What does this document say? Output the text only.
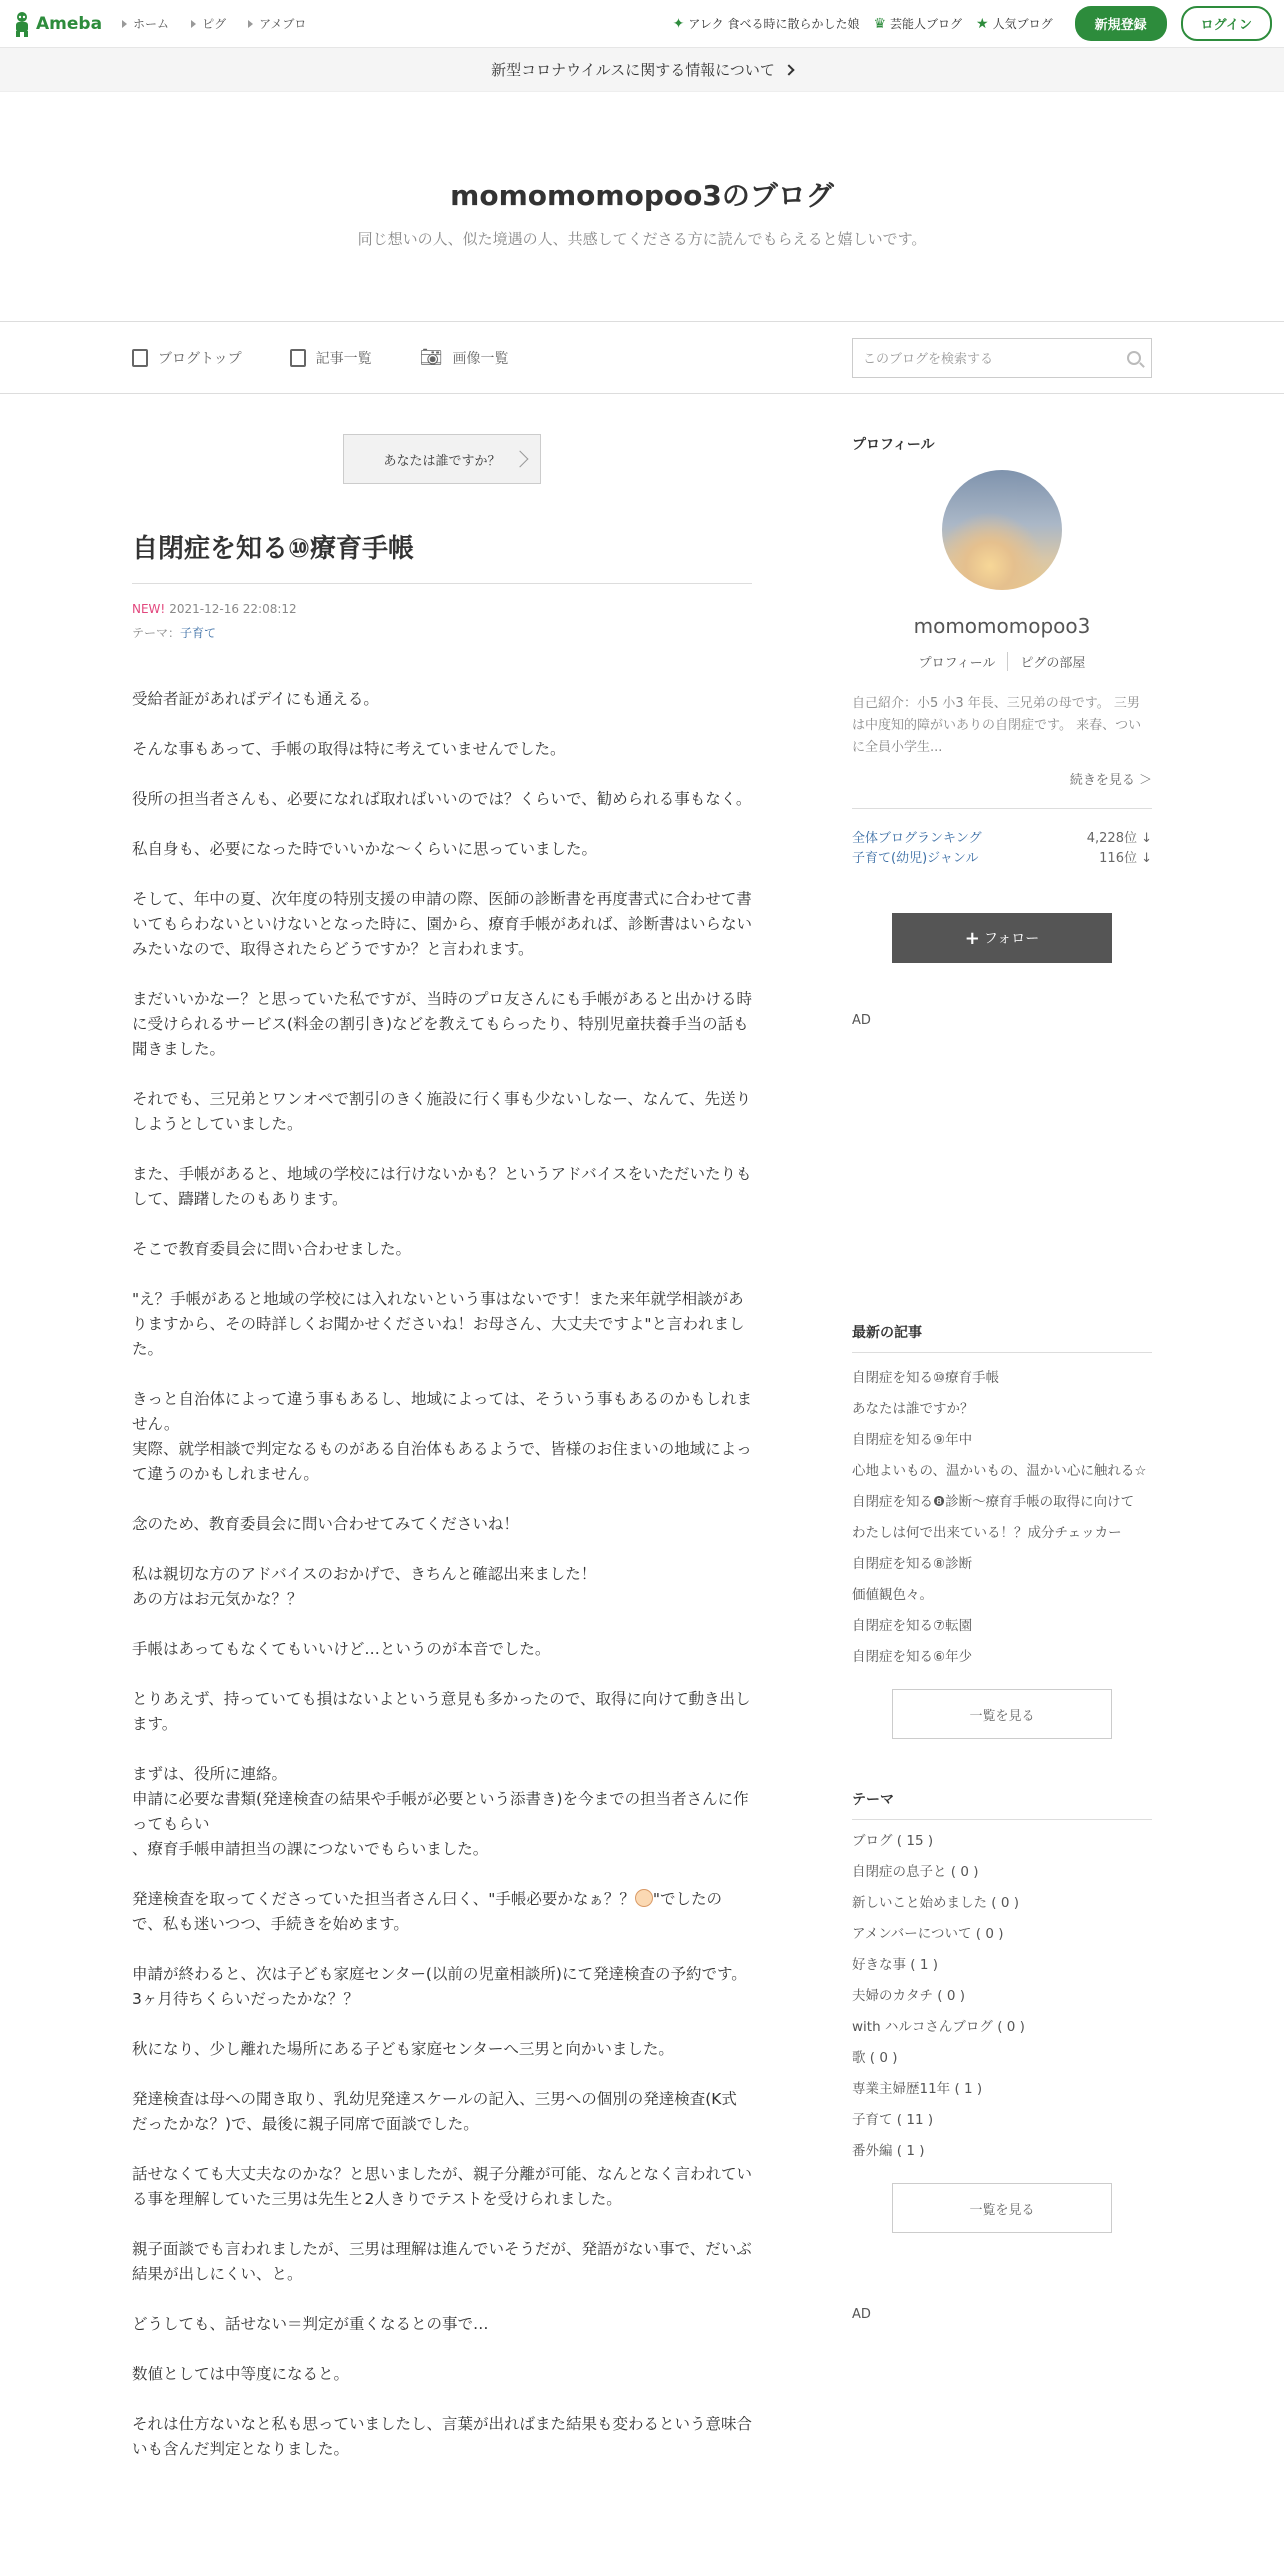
Ameba	ホーム	ピグ	アメブロ	✦ アレク 食べる時に散らかした娘 ♛ 芸能人ブログ ★ 人気ブログ	新規登録	ログイン
新型コロナウイルスに関する情報について
momomomopoo3のブログ
同じ想いの人、似た境遇の人、共感してくださる方に読んでもらえると嬉しいです。
ブログトップ	記事一覧	📷︎ 画像一覧	このブログを検索する
あなたは誰ですか？
自閉症を知る⑩療育手帳
NEW! 2021-12-16 22:08:12
テーマ：子育て

受給者証があればデイにも通える。

そんな事もあって、手帳の取得は特に考えていませんでした。

役所の担当者さんも、必要になれば取ればいいのでは？くらいで、勧められる事もなく。

私自身も、必要になった時でいいかな〜くらいに思っていました。

そして、年中の夏、次年度の特別支援の申請の際、医師の診断書を再度書式に合わせて書いてもらわないといけないとなった時に、園から、療育手帳があれば、診断書はいらないみたいなので、取得されたらどうですか？と言われます。

まだいいかなー？と思っていた私ですが、当時のプロ友さんにも手帳があると出かける時に受けられるサービス(料金の割引き)などを教えてもらったり、特別児童扶養手当の話も聞きました。

それでも、三兄弟とワンオペで割引のきく施設に行く事も少ないしなー、なんて、先送りしようとしていました。

また、手帳があると、地域の学校には行けないかも？というアドバイスをいただいたりもして、躊躇したのもあります。

そこで教育委員会に問い合わせました。

"え？手帳があると地域の学校には入れないという事はないです！また来年就学相談がありますから、その時詳しくお聞かせくださいね！お母さん、大丈夫ですよ"と言われました。

きっと自治体によって違う事もあるし、地域によっては、そういう事もあるのかもしれません。
実際、就学相談で判定なるものがある自治体もあるようで、皆様のお住まいの地域によって違うのかもしれません。

念のため、教育委員会に問い合わせてみてくださいね！

私は親切な方のアドバイスのおかげで、きちんと確認出来ました！
あの方はお元気かな？？

手帳はあってもなくてもいいけど…というのが本音でした。

とりあえず、持っていても損はないよという意見も多かったので、取得に向けて動き出します。

まずは、役所に連絡。
申請に必要な書類(発達検査の結果や手帳が必要という添書き)を今までの担当者さんに作ってもらい
、療育手帳申請担当の課につないでもらいました。

発達検査を取ってくださっていた担当者さん曰く、"手帳必要かなぁ？？ "でしたので、私も迷いつつ、手続きを始めます。

申請が終わると、次は子ども家庭センター(以前の児童相談所)にて発達検査の予約です。
3ヶ月待ちくらいだったかな？？

秋になり、少し離れた場所にある子ども家庭センターへ三男と向かいました。

発達検査は母への聞き取り、乳幼児発達スケールの記入、三男への個別の発達検査(K式だったかな？)で、最後に親子同席で面談でした。

話せなくても大丈夫なのかな？と思いましたが、親子分離が可能、なんとなく言われている事を理解していた三男は先生と2人きりでテストを受けられました。

親子面談でも言われましたが、三男は理解は進んでいそうだが、発語がない事で、だいぶ結果が出しにくい、と。

どうしても、話せない＝判定が重くなるとの事で…

数値としては中等度になると。

それは仕方ないなと私も思っていましたし、言葉が出ればまた結果も変わるという意味合いも含んだ判定となりました。

プロフィール
momomomopoo3
プロフィール	ピグの部屋
自己紹介：小5 小3 年長、三兄弟の母です。 三男は中度知的障がいありの自閉症です。 来春、ついに全員小学生...
続きを見る ＞
全体ブログランキング	4,228位 ↓
子育て(幼児)ジャンル	116位 ↓
+ フォロー
AD
最新の記事
自閉症を知る⑩療育手帳
あなたは誰ですか？
自閉症を知る⑨年中
心地よいもの、温かいもの、温かい心に触れる☆
自閉症を知る❽診断〜療育手帳の取得に向けて
わたしは何で出来ている！？成分チェッカー
自閉症を知る⑧診断
価値観色々。
自閉症を知る⑦転園
自閉症を知る⑥年少
一覧を見る
テーマ
ブログ ( 15 )
自閉症の息子と ( 0 )
新しいこと始めました ( 0 )
アメンバーについて ( 0 )
好きな事 ( 1 )
夫婦のカタチ ( 0 )
with ハルコさんブログ ( 0 )
歌 ( 0 )
専業主婦歴11年 ( 1 )
子育て ( 11 )
番外編 ( 1 )
一覧を見る
AD
